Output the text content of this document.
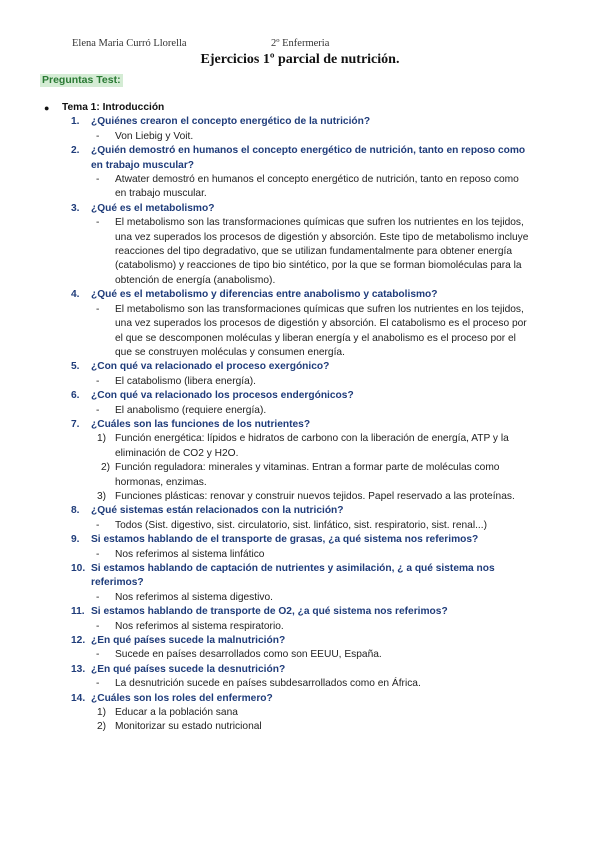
Elena Maria Curró Llorella	2º Enfermeria
Ejercicios 1º parcial de nutrición.
Preguntas Test:
● Tema 1: Introducción
1. ¿Quiénes crearon el concepto energético de la nutrición?
- Von Liebig y Voit.
2. ¿Quién demostró en humanos el concepto energético de nutrición, tanto en reposo como en trabajo muscular?
- Atwater demostró en humanos el concepto energético de nutrición, tanto en reposo como en trabajo muscular.
3. ¿Qué es el metabolismo?
- El metabolismo son las transformaciones químicas que sufren los nutrientes en los tejidos, una vez superados los procesos de digestión y absorción. Este tipo de metabolismo incluye reacciones del tipo degradativo, que se utilizan fundamentalmente para obtener energía (catabolismo) y reacciones de tipo bio sintético, por la que se forman biomoléculas para la obtención de energía (anabolismo).
4. ¿Qué es el metabolismo y diferencias entre anabolismo y catabolismo?
- El metabolismo son las transformaciones químicas que sufren los nutrientes en los tejidos, una vez superados los procesos de digestión y absorción. El catabolismo es el proceso por el que se descomponen moléculas y liberan energía y el anabolismo es el proceso por el que se construyen moléculas y consumen energía.
5. ¿Con qué va relacionado el proceso exergónico?
- El catabolismo (libera energía).
6. ¿Con qué va relacionado los procesos endergónicos?
- El anabolismo (requiere energía).
7. ¿Cuáles son las funciones de los nutrientes?
1) Función energética: lípidos e hidratos de carbono con la liberación de energía, ATP y la eliminación de CO2 y H2O.
2) Función reguladora: minerales y vitaminas. Entran a formar parte de moléculas como hormonas, enzimas.
3) Funciones plásticas: renovar y construir nuevos tejidos. Papel reservado a las proteínas.
8. ¿Qué sistemas están relacionados con la nutrición?
- Todos (Sist. digestivo, sist. circulatorio, sist. linfático, sist. respiratorio, sist. renal...)
9. Si estamos hablando de el transporte de grasas, ¿a qué sistema nos referimos?
- Nos referimos al sistema linfático
10. Si estamos hablando de captación de nutrientes y asimilación, ¿ a qué sistema nos referimos?
- Nos referimos al sistema digestivo.
11. Si estamos hablando de transporte de O2, ¿a qué sistema nos referimos?
- Nos referimos al sistema respiratorio.
12. ¿En qué países sucede la malnutrición?
- Sucede en países desarrollados como son EEUU, España.
13. ¿En qué países sucede la desnutrición?
- La desnutrición sucede en países subdesarrollados como en África.
14. ¿Cuáles son los roles del enfermero?
1) Educar a la población sana
2) Monitorizar su estado nutricional
